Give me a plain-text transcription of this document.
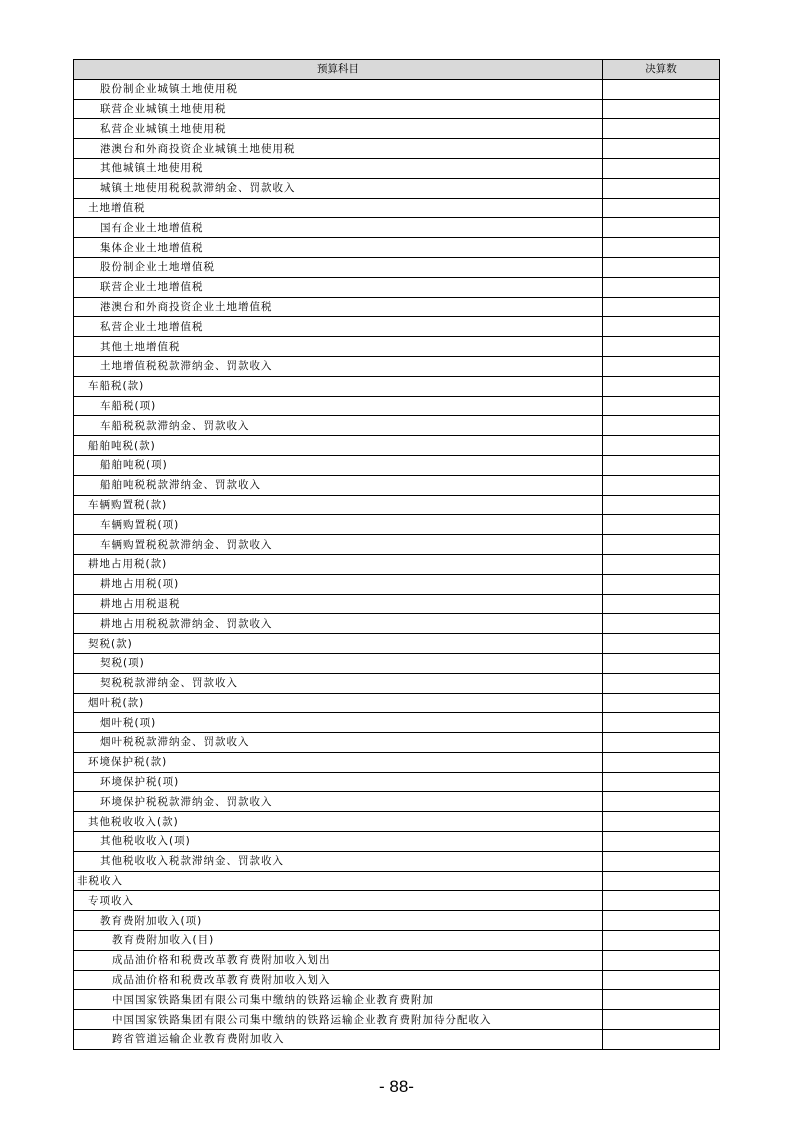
预算科目	决算数
股份制企业城镇土地使用税	
联营企业城镇土地使用税	
私营企业城镇土地使用税	
港澳台和外商投资企业城镇土地使用税	
其他城镇土地使用税	
城镇土地使用税税款滞纳金、罚款收入	
土地增值税	
国有企业土地增值税	
集体企业土地增值税	
股份制企业土地增值税	
联营企业土地增值税	
港澳台和外商投资企业土地增值税	
私营企业土地增值税	
其他土地增值税	
土地增值税税款滞纳金、罚款收入	
车船税(款)	
车船税(项)	
车船税税款滞纳金、罚款收入	
船舶吨税(款)	
船舶吨税(项)	
船舶吨税税款滞纳金、罚款收入	
车辆购置税(款)	
车辆购置税(项)	
车辆购置税税款滞纳金、罚款收入	
耕地占用税(款)	
耕地占用税(项)	
耕地占用税退税	
耕地占用税税款滞纳金、罚款收入	
契税(款)	
契税(项)	
契税税款滞纳金、罚款收入	
烟叶税(款)	
烟叶税(项)	
烟叶税税款滞纳金、罚款收入	
环境保护税(款)	
环境保护税(项)	
环境保护税税款滞纳金、罚款收入	
其他税收收入(款)	
其他税收收入(项)	
其他税收收入税款滞纳金、罚款收入	
非税收入	
专项收入	
教育费附加收入(项)	
教育费附加收入(目)	
成品油价格和税费改革教育费附加收入划出	
成品油价格和税费改革教育费附加收入划入	
中国国家铁路集团有限公司集中缴纳的铁路运输企业教育费附加	
中国国家铁路集团有限公司集中缴纳的铁路运输企业教育费附加待分配收入	
跨省管道运输企业教育费附加收入	
- 88-
